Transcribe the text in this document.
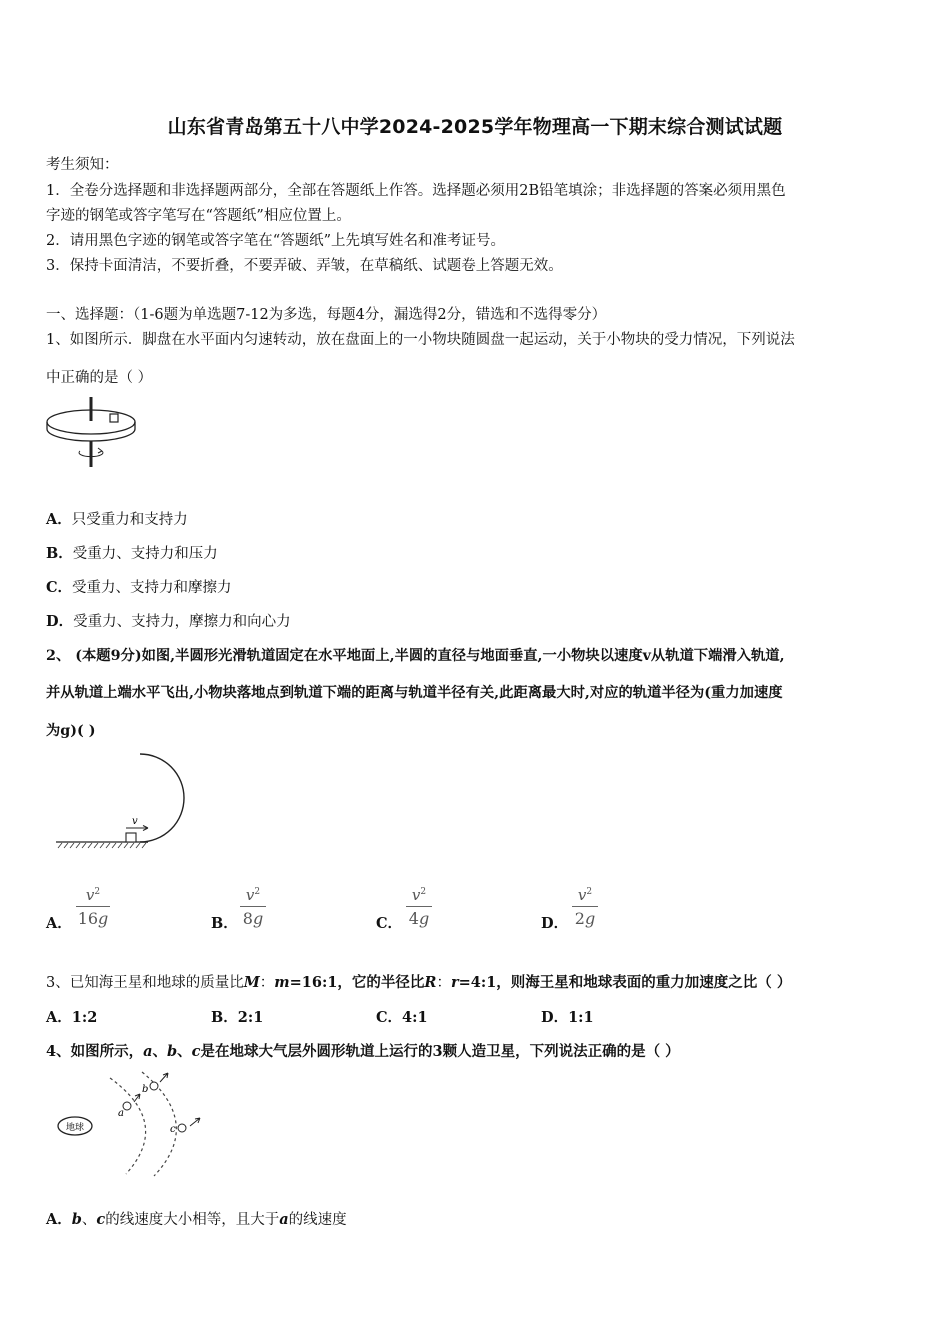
山东省青岛第五十八中学2024-2025学年物理高一下期末综合测试试题
考生须知：
1．全卷分选择题和非选择题两部分，全部在答题纸上作答。选择题必须用2B铅笔填涂；非选择题的答案必须用黑色
字迹的钢笔或答字笔写在“答题纸”相应位置上。
2．请用黑色字迹的钢笔或答字笔在“答题纸”上先填写姓名和准考证号。
3．保持卡面清洁，不要折叠，不要弄破、弄皱，在草稿纸、试题卷上答题无效。
一、选择题：（1-6题为单选题7-12为多选，每题4分，漏选得2分，错选和不选得零分）
1、如图所示．脚盘在水平面内匀速转动，放在盘面上的一小物块随圆盘一起运动，关于小物块的受力情况，下列说法
中正确的是（ ）
A．只受重力和支持力
B．受重力、支持力和压力
C．受重力、支持力和摩擦力
D．受重力、支持力，摩擦力和向心力
2、 (本题9分)如图,半圆形光滑轨道固定在水平地面上,半圆的直径与地面垂直,一小物块以速度v从轨道下端滑入轨道,
并从轨道上端水平飞出,小物块落地点到轨道下端的距离与轨道半径有关,此距离最大时,对应的轨道半径为(重力加速度
为g)( )
v
A．
$v^2$
16g	B．
$v^2$
8g	C．
$v^2$
4g	D．
$v^2$
2g
3、已知海王星和地球的质量比M：m=16:1，它的半径比R：r=4:1，则海王星和地球表面的重力加速度之比（ ）
A．1:2	B．2:1	C．4:1	D．1:1
4、如图所示，a、b、c是在地球大气层外圆形轨道上运行的3颗人造卫星，下列说法正确的是（ ）
地球
a
b
c
A．b、c的线速度大小相等，且大于a的线速度
